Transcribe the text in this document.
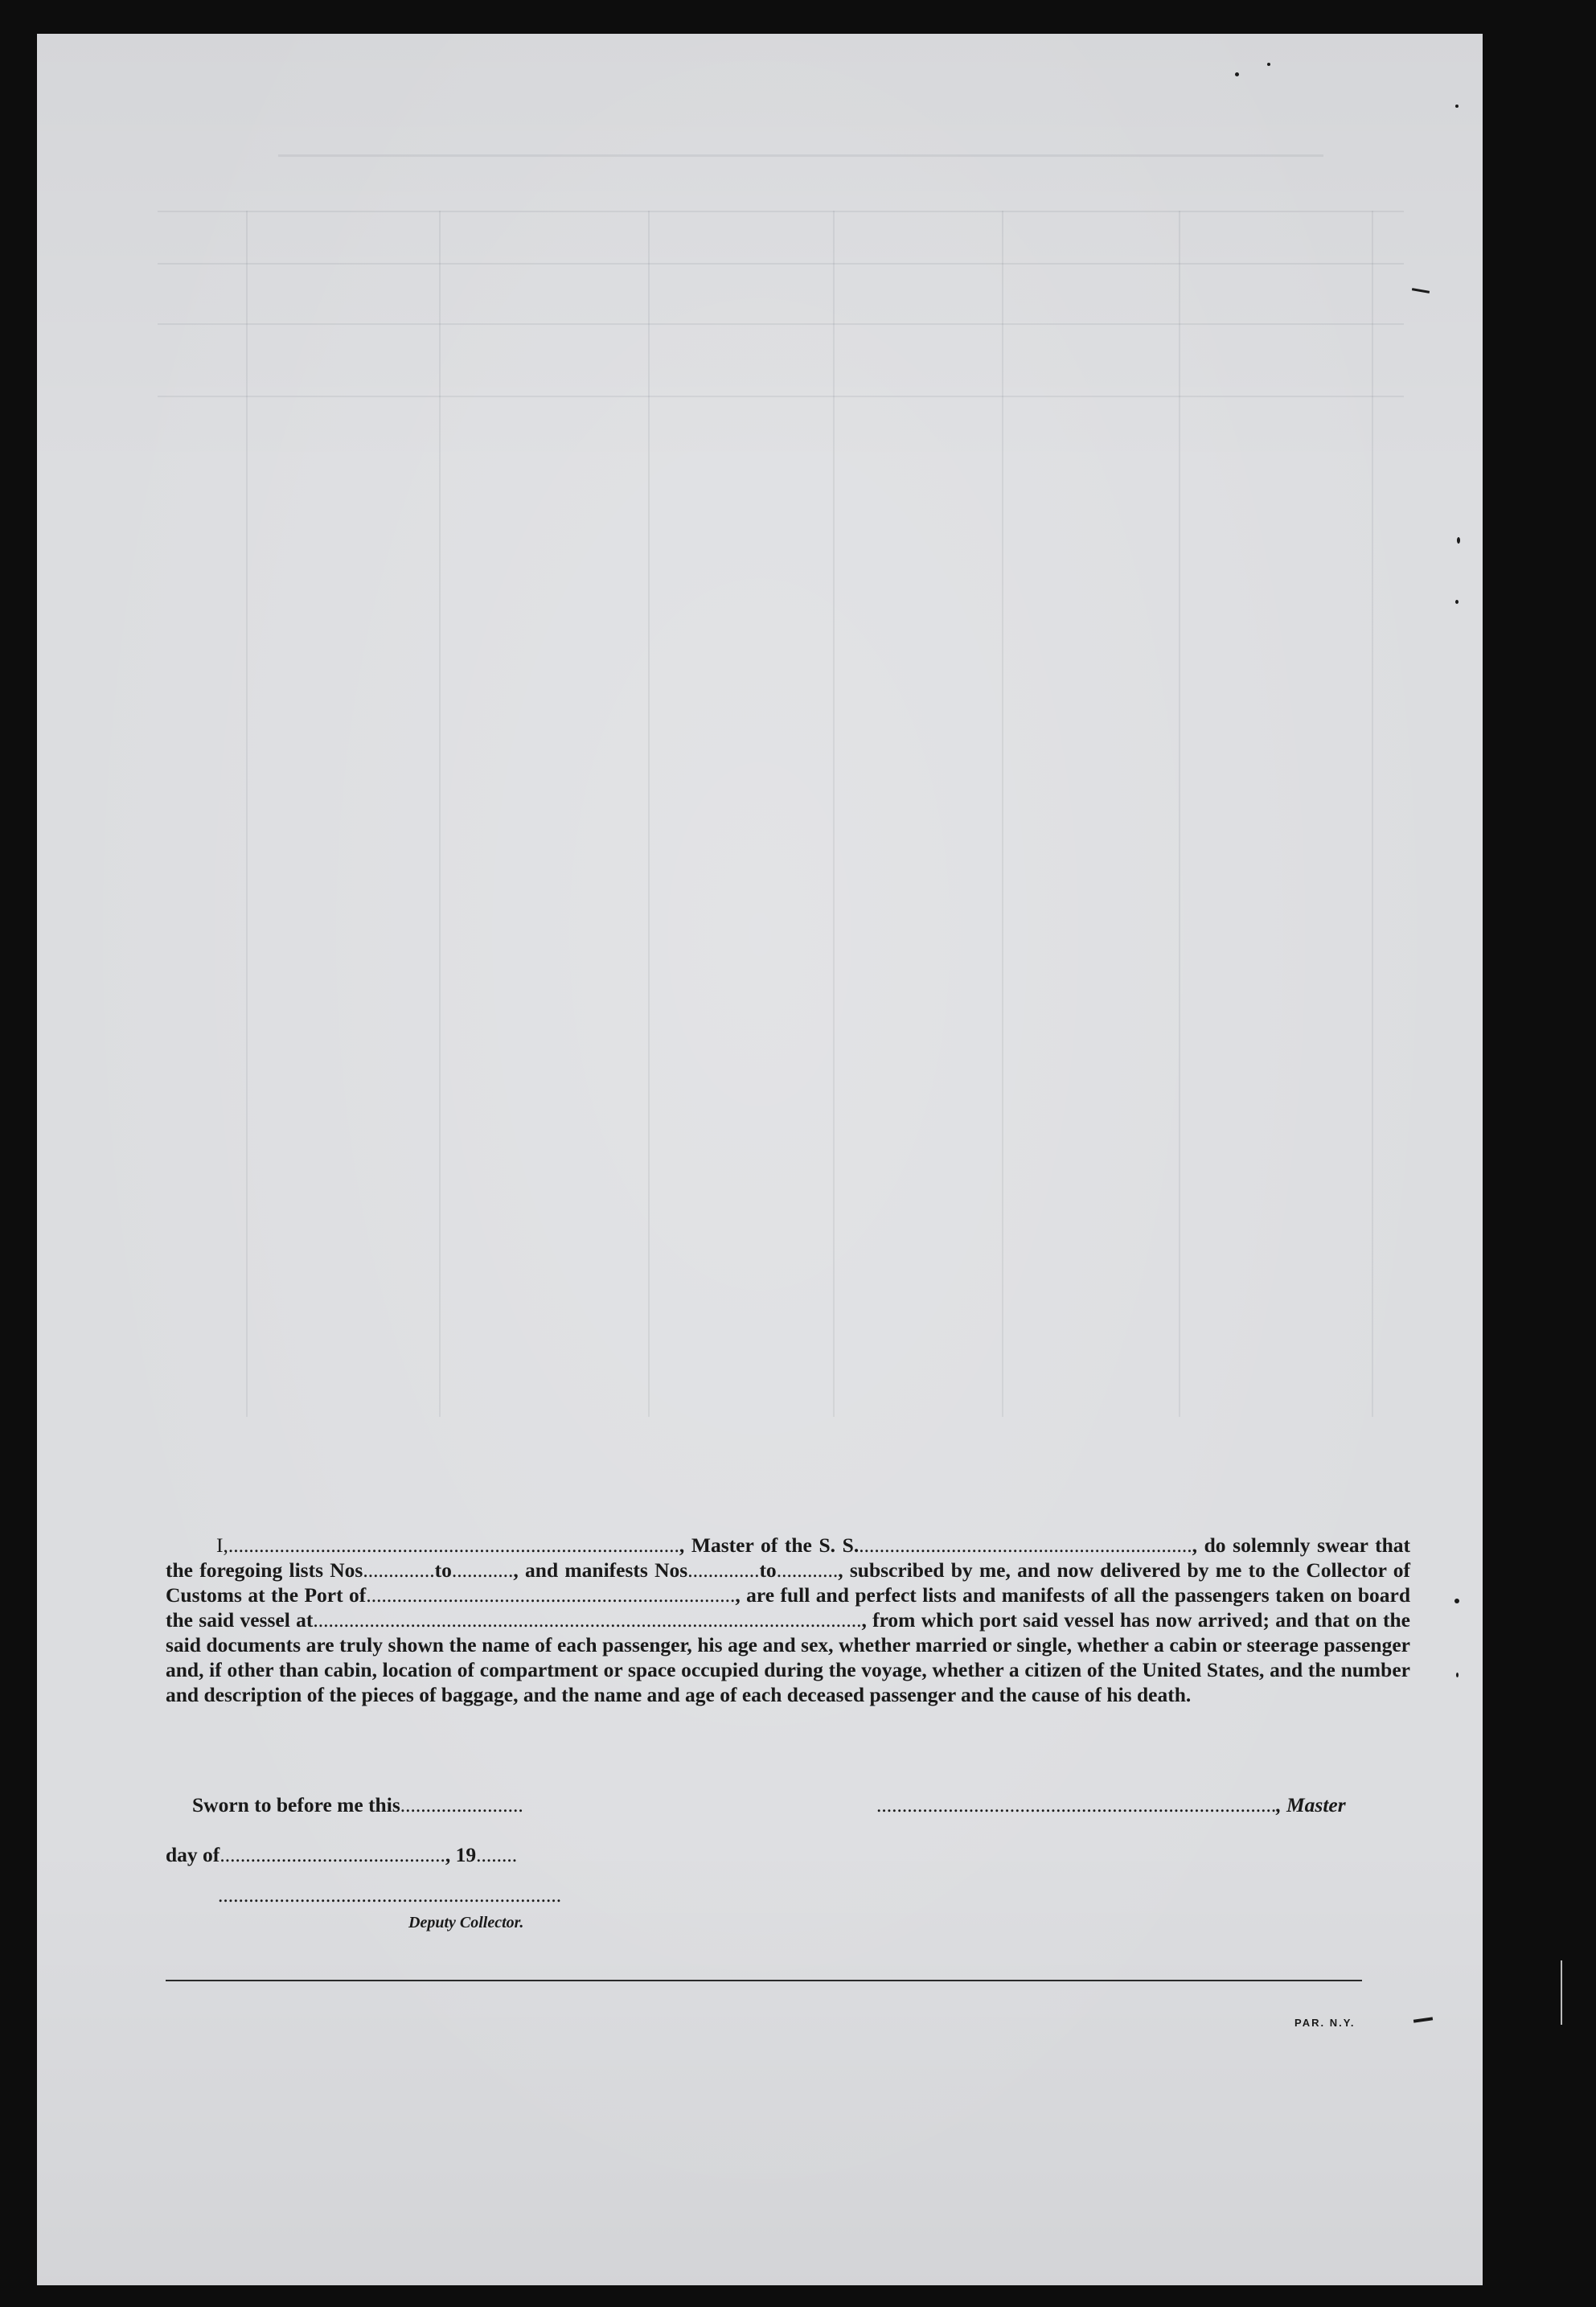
I,........................................................................................, Master of the S. S.................................................................., do solemnly swear that the foregoing lists Nos..............to............, and manifests Nos..............to............, subscribed by me, and now delivered by me to the Collector of Customs at the Port of........................................................................, are full and perfect lists and manifests of all the passengers taken on board the said vessel at..........................................................................................................., from which port said vessel has now arrived; and that on the said documents are truly shown the name of each passenger, his age and sex, whether married or single, whether a cabin or steerage passenger and, if other than cabin, location of compartment or space occupied during the voyage, whether a citizen of the United States, and the number and description of the pieces of baggage, and the name and age of each deceased passenger and the cause of his death.
Sworn to before me this........................	.............................................................................., Master
day of............................................, 19........
...................................................................
Deputy Collector.
PAR. N.Y.
